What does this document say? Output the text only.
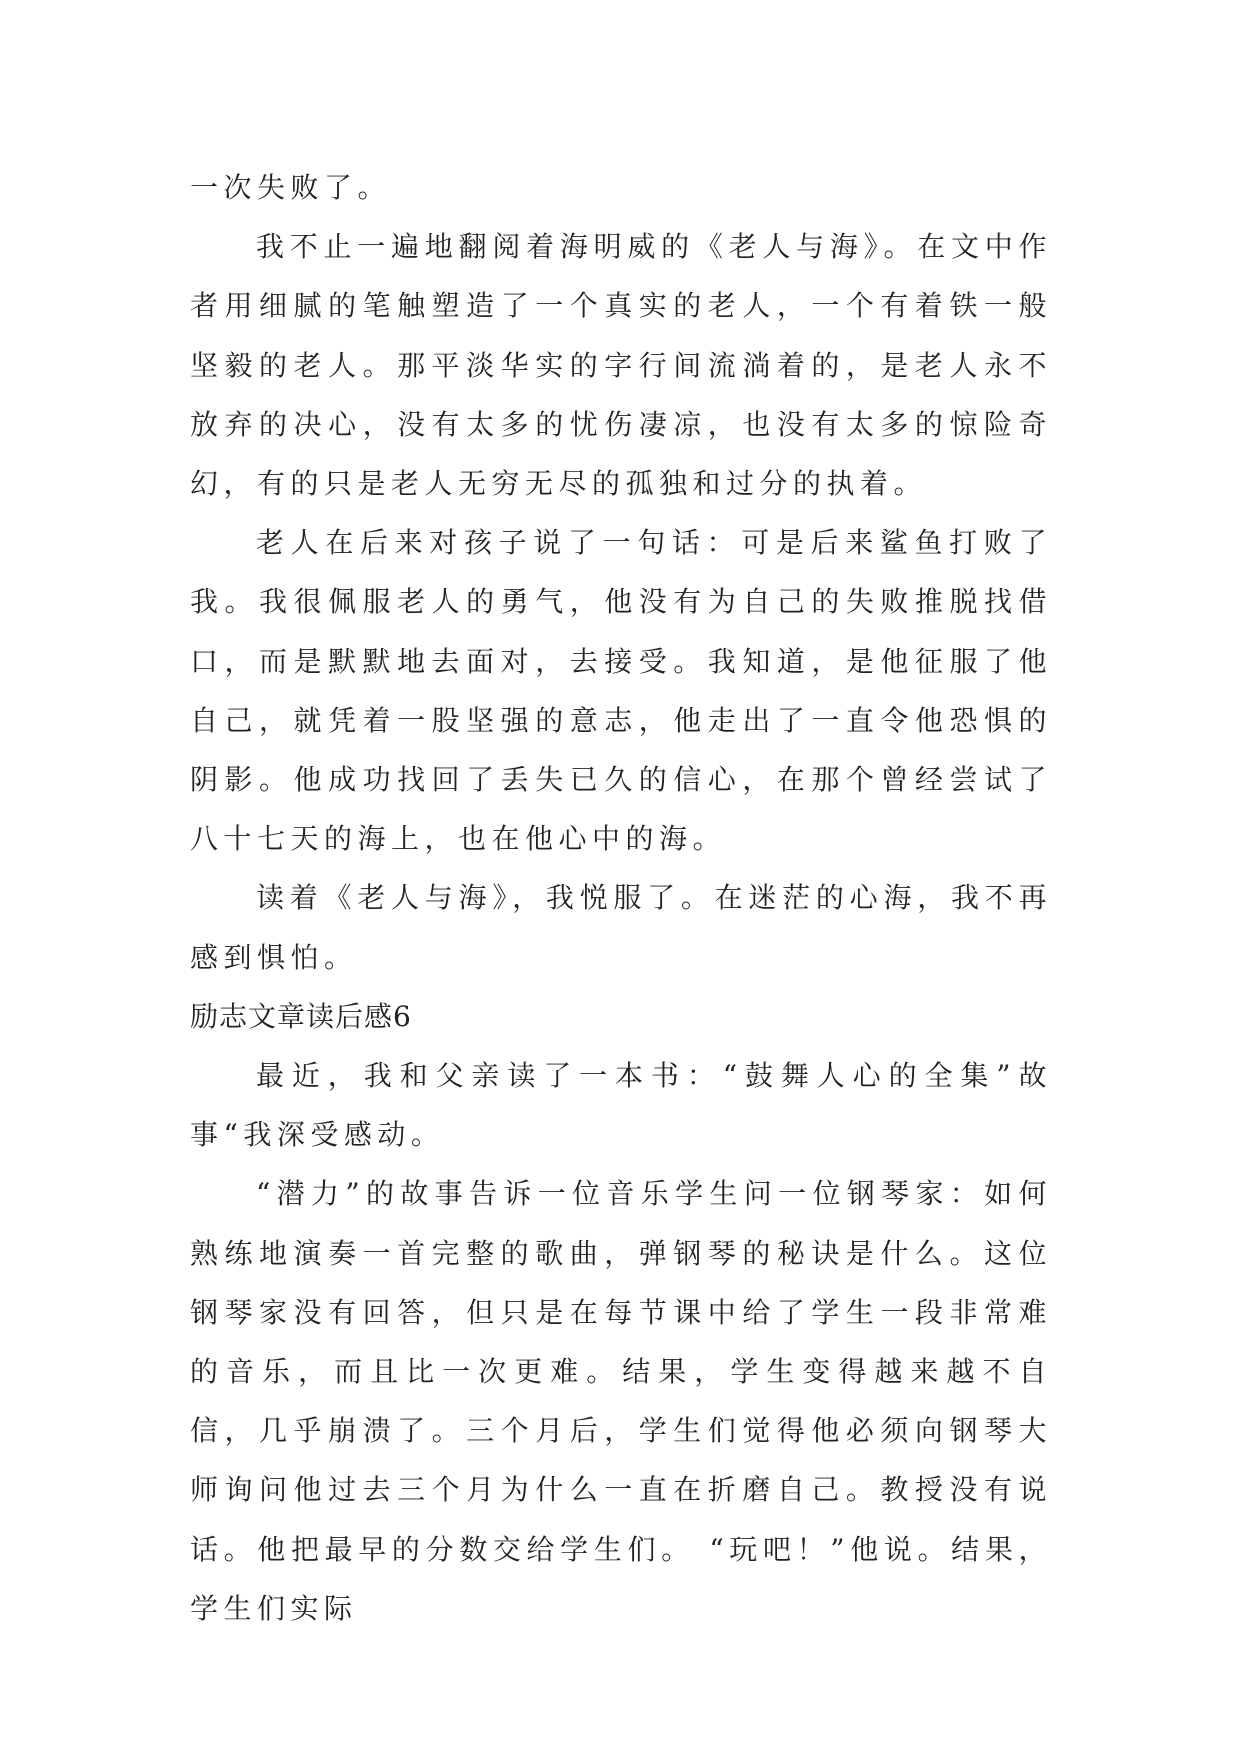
一次失败了。

我不止一遍地翻阅着海明威的《老人与海》。在文中作者用细腻的笔触塑造了一个真实的老人，一个有着铁一般坚毅的老人。那平淡华实的字行间流淌着的，是老人永不放弃的决心，没有太多的忧伤凄凉，也没有太多的惊险奇幻，有的只是老人无穷无尽的孤独和过分的执着。

老人在后来对孩子说了一句话：可是后来鲨鱼打败了我。我很佩服老人的勇气，他没有为自己的失败推脱找借口，而是默默地去面对，去接受。我知道，是他征服了他自己，就凭着一股坚强的意志，他走出了一直令他恐惧的阴影。他成功找回了丢失已久的信心，在那个曾经尝试了八十七天的海上，也在他心中的海。

读着《老人与海》，我悦服了。在迷茫的心海，我不再感到惧怕。

励志文章读后感6

最近，我和父亲读了一本书：“鼓舞人心的全集”故事“我深受感动。

“潜力”的故事告诉一位音乐学生问一位钢琴家：如何熟练地演奏一首完整的歌曲，弹钢琴的秘诀是什么。这位钢琴家没有回答，但只是在每节课中给了学生一段非常难的音乐，而且比一次更难。结果，学生变得越来越不自信，几乎崩溃了。三个月后，学生们觉得他必须向钢琴大师询问他过去三个月为什么一直在折磨自己。教授没有说话。他把最早的分数交给学生们。 “玩吧！”他说。结果，学生们实际
